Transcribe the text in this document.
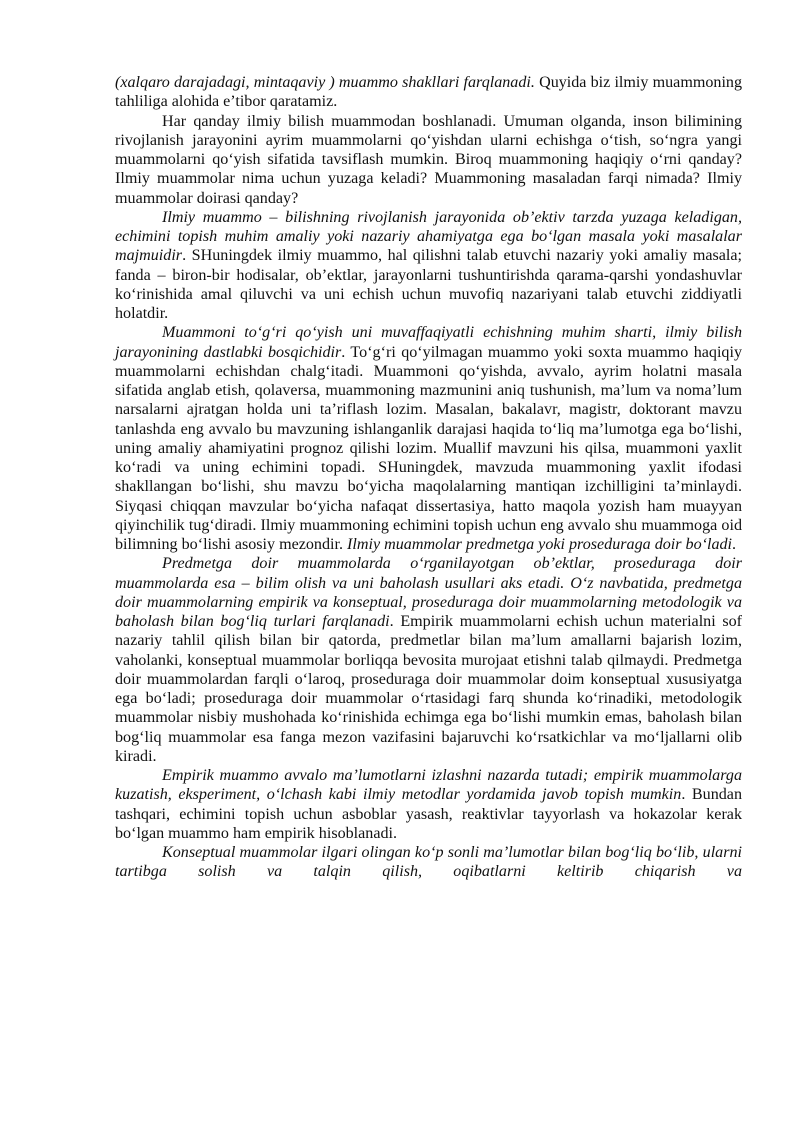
(xalqaro darajadagi, mintaqaviy ) muammo shakllari farqlanadi. Quyida biz ilmiy muammoning tahliliga alohida e’tibor qaratamiz.

Har qanday ilmiy bilish muammodan boshlanadi. Umuman olganda, inson bilimining rivojlanish jarayonini ayrim muammolarni qo‘yishdan ularni echishga o‘tish, so‘ngra yangi muammolarni qo‘yish sifatida tavsiflash mumkin. Biroq muammoning haqiqiy o‘rni qanday? Ilmiy muammolar nima uchun yuzaga keladi? Muammoning masaladan farqi nimada? Ilmiy muammolar doirasi qanday?

Ilmiy muammo – bilishning rivojlanish jarayonida ob’ektiv tarzda yuzaga keladigan, echimini topish muhim amaliy yoki nazariy ahamiyatga ega bo‘lgan masala yoki masalalar majmuidir. SHuningdek ilmiy muammo, hal qilishni talab etuvchi nazariy yoki amaliy masala; fanda – biron-bir hodisalar, ob’ektlar, jarayonlarni tushuntirishda qarama-qarshi yondashuvlar ko‘rinishida amal qiluvchi va uni echish uchun muvofiq nazariyani talab etuvchi ziddiyatli holatdir.

Muammoni to‘g‘ri qo‘yish uni muvaffaqiyatli echishning muhim sharti, ilmiy bilish jarayonining dastlabki bosqichidir. To‘g‘ri qo‘yilmagan muammo yoki soxta muammo haqiqiy muammolarni echishdan chalg‘itadi. Muammoni qo‘yishda, avvalo, ayrim holatni masala sifatida anglab etish, qolaversa, muammoning mazmunini aniq tushunish, ma’lum va noma’lum narsalarni ajratgan holda uni ta’riflash lozim. Masalan, bakalavr, magistr, doktorant mavzu tanlashda eng avvalo bu mavzuning ishlanganlik darajasi haqida to‘liq ma’lumotga ega bo‘lishi, uning amaliy ahamiyatini prognoz qilishi lozim. Muallif mavzuni his qilsa, muammoni yaxlit ko‘radi va uning echimini topadi. SHuningdek, mavzuda muammoning yaxlit ifodasi shakllangan bo‘lishi, shu mavzu bo‘yicha maqolalarning mantiqan izchilligini ta’minlaydi. Siyqasi chiqqan mavzular bo‘yicha nafaqat dissertasiya, hatto maqola yozish ham muayyan qiyinchilik tug‘diradi. Ilmiy muammoning echimini topish uchun eng avvalo shu muammoga oid bilimning bo‘lishi asosiy mezondir. Ilmiy muammolar predmetga yoki proseduraga doir bo‘ladi.

Predmetga doir muammolarda o‘rganilayotgan ob’ektlar, proseduraga doir muammolarda esa – bilim olish va uni baholash usullari aks etadi. O‘z navbatida, predmetga doir muammolarning empirik va konseptual, proseduraga doir muammolarning metodologik va baholash bilan bog‘liq turlari farqlanadi. Empirik muammolarni echish uchun materialni sof nazariy tahlil qilish bilan bir qatorda, predmetlar bilan ma’lum amallarni bajarish lozim, vaholanki, konseptual muammolar borliqqa bevosita murojaat etishni talab qilmaydi. Predmetga doir muammolardan farqli o‘laroq, proseduraga doir muammolar doim konseptual xususiyatga ega bo‘ladi; proseduraga doir muammolar o‘rtasidagi farq shunda ko‘rinadiki, metodologik muammolar nisbiy mushohada ko‘rinishida echimga ega bo‘lishi mumkin emas, baholash bilan bog‘liq muammolar esa fanga mezon vazifasini bajaruvchi ko‘rsatkichlar va mo‘ljallarni olib kiradi.

Empirik muammo avvalo ma’lumotlarni izlashni nazarda tutadi; empirik muammolarga kuzatish, eksperiment, o‘lchash kabi ilmiy metodlar yordamida javob topish mumkin. Bundan tashqari, echimini topish uchun asboblar yasash, reaktivlar tayyorlash va hokazolar kerak bo‘lgan muammo ham empirik hisoblanadi.

Konseptual muammolar ilgari olingan ko‘p sonli ma’lumotlar bilan bog‘liq bo‘lib, ularni tartibga solish va talqin qilish, oqibatlarni keltirib chiqarish va
